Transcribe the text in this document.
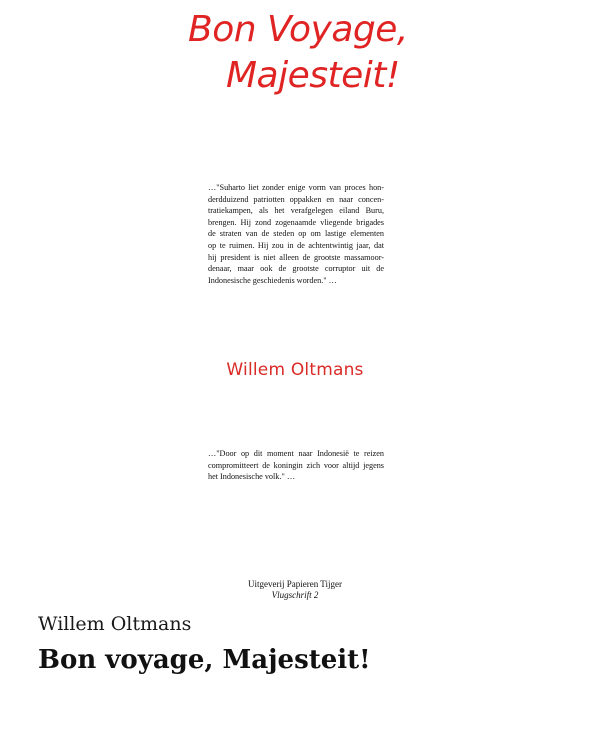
Bon Voyage,
Majesteit!
…"Suharto liet zonder enige vorm van proces hon-
derdduizend patriotten oppakken en naar concen-
tratiekampen, als het verafgelegen eiland Buru,
brengen. Hij zond zogenaamde vliegende brigades
de straten van de steden op om lastige elementen
op te ruimen. Hij zou in de achtentwintig jaar, dat
hij president is niet alleen de grootste massamoor-
denaar, maar ook de grootste corruptor uit de
Indonesische geschiedenis worden." …
Willem Oltmans
…"Door op dit moment naar Indonesië te reizen
compromitteert de koningin zich voor altijd jegens
het Indonesische volk." …
Uitgeverij Papieren Tijger
Vlugschrift 2
Willem Oltmans
Bon voyage, Majesteit!
